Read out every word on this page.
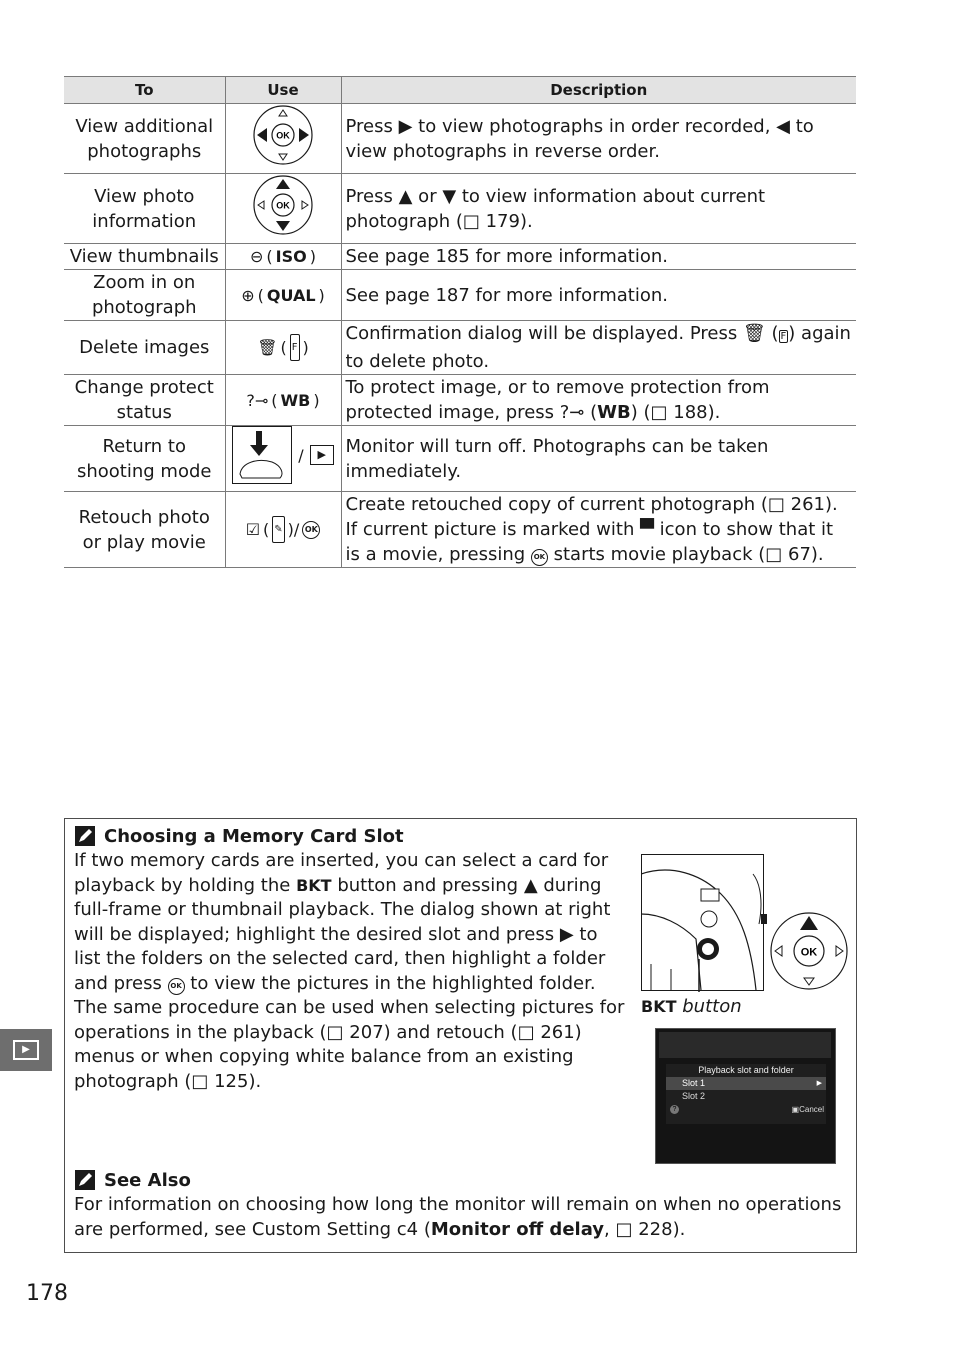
To	Use	Description
View additional photographs	OK	Press ▶ to view photographs in order recorded, ◀ to view photographs in reverse order.
View photo information	OK	Press ▲ or ▼ to view information about current photograph (□ 179).
View thumbnails	⊖ ( ISO )	See page 185 for more information.
Zoom in on photograph	⊕ ( QUAL )	See page 187 for more information.
Delete images	🗑 ( F )	Confirmation dialog will be displayed. Press 🗑 ( F ) again to delete photo.
Change protect status	?⊸ ( WB )	To protect image, or to remove protection from protected image, press ?⊸ (WB) (□ 188).
Return to shooting mode	/ ▶	Monitor will turn off. Photographs can be taken immediately.
Retouch photo or play movie	☑ ( ✎ )/ OK	Create retouched copy of current photograph (□ 261). If current picture is marked with ▀ icon to show that it is a movie, pressing OK starts movie playback (□ 67).
▶
Choosing a Memory Card Slot
If two memory cards are inserted, you can select a card for playback by holding the BKT button and pressing ▲ during full-frame or thumbnail playback. The dialog shown at right will be displayed; highlight the desired slot and press ▶ to list the folders on the selected card, then highlight a folder and press OK to view the pictures in the highlighted folder. The same procedure can be used when selecting pictures for operations in the playback (□ 207) and retouch (□ 261) menus or when copying white balance from an existing photograph (□ 125).
OK
BKT button
Playback slot and folder
Slot 1	▶
Slot 2
?	▣Cancel
See Also
For information on choosing how long the monitor will remain on when no operations are performed, see Custom Setting c4 (Monitor off delay, □ 228).
178
